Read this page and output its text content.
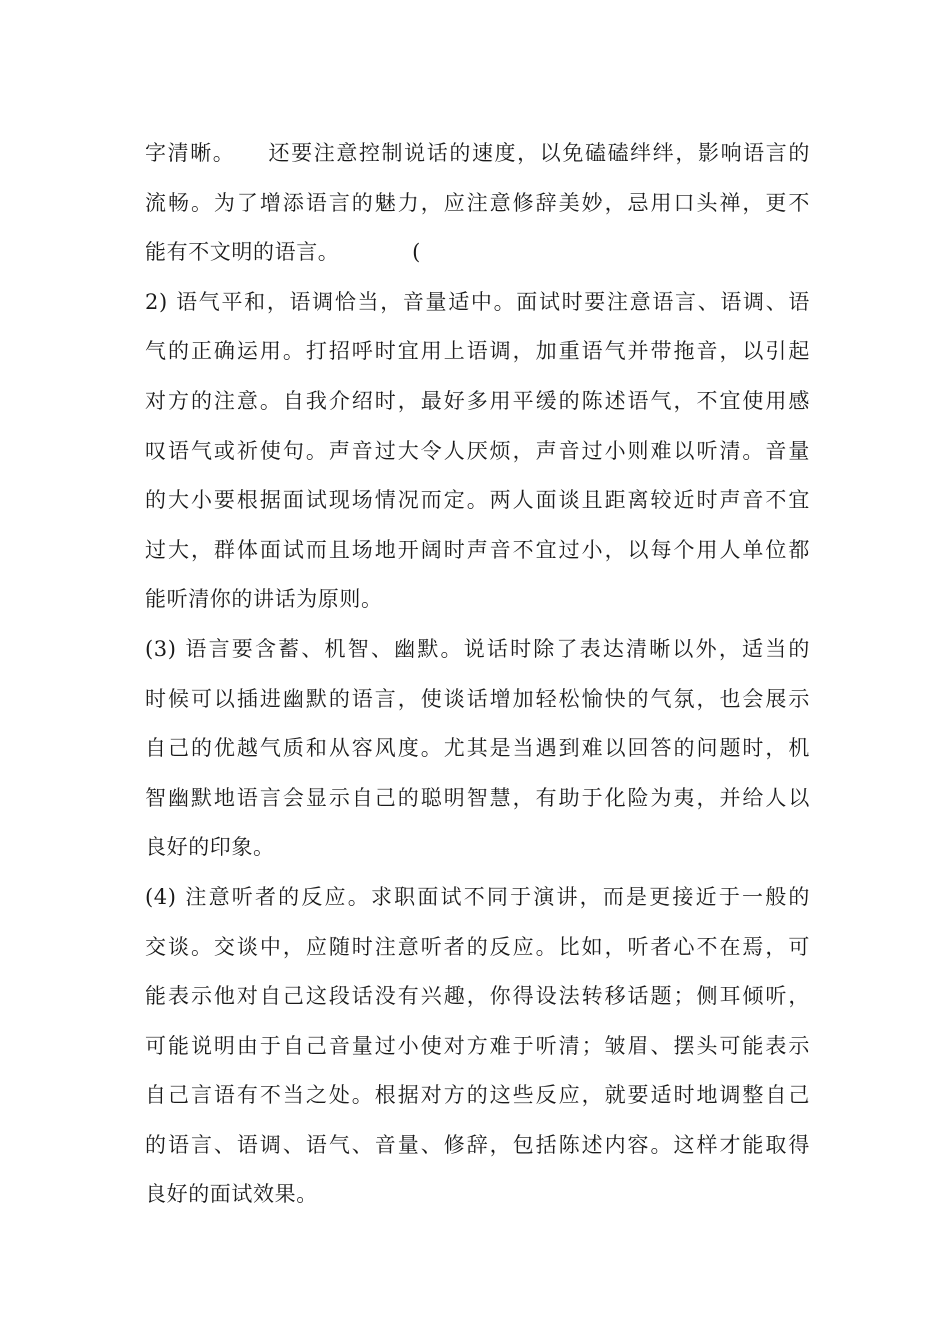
字清晰。    还要注意控制说话的速度，以免磕磕绊绊，影响语言的
流畅。为了增添语言的魅力，应注意修辞美妙，忌用口头禅，更不
能有不文明的语言。          (
2) 语气平和，语调恰当，音量适中。面试时要注意语言、语调、语
气的正确运用。打招呼时宜用上语调，加重语气并带拖音，以引起
对方的注意。自我介绍时，最好多用平缓的陈述语气，不宜使用感
叹语气或祈使句。声音过大令人厌烦，声音过小则难以听清。音量
的大小要根据面试现场情况而定。两人面谈且距离较近时声音不宜
过大，群体面试而且场地开阔时声音不宜过小，以每个用人单位都
能听清你的讲话为原则。
(3) 语言要含蓄、机智、幽默。说话时除了表达清晰以外，适当的
时候可以插进幽默的语言，使谈话增加轻松愉快的气氛，也会展示
自己的优越气质和从容风度。尤其是当遇到难以回答的问题时，机
智幽默地语言会显示自己的聪明智慧，有助于化险为夷，并给人以
良好的印象。
(4) 注意听者的反应。求职面试不同于演讲，而是更接近于一般的
交谈。交谈中，应随时注意听者的反应。比如，听者心不在焉，可
能表示他对自己这段话没有兴趣，你得设法转移话题；侧耳倾听，
可能说明由于自己音量过小使对方难于听清；皱眉、摆头可能表示
自己言语有不当之处。根据对方的这些反应，就要适时地调整自己
的语言、语调、语气、音量、修辞，包括陈述内容。这样才能取得
良好的面试效果。
